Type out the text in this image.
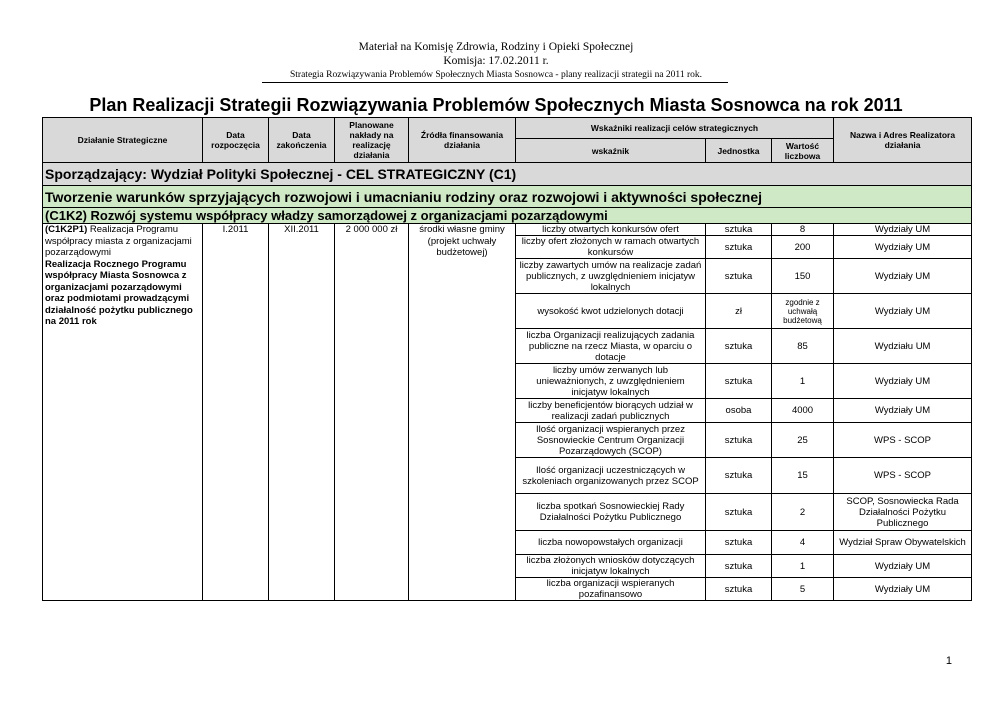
Materiał na Komisję Zdrowia, Rodziny i Opieki Społecznej
Komisja: 17.02.2011 r.
Strategia Rozwiązywania Problemów Społecznych Miasta Sosnowca - plany realizacji strategii na 2011 rok.
Plan Realizacji Strategii Rozwiązywania Problemów Społecznych Miasta Sosnowca na rok 2011
Działanie Strategiczne	Data rozpoczęcia	Data zakończenia	Planowane nakłady na realizację działania	Źródła finansowania działania	Wskaźniki realizacji celów strategicznych			Nazwa i Adres Realizatora działania
					wskaźnik	Jednostka	Wartość liczbowa	
Sporządzający: Wydział Polityki Społecznej - CEL STRATEGICZNY (C1)								
Tworzenie warunków sprzyjających rozwojowi i umacnianiu rodziny oraz rozwojowi i aktywności społecznej								
(C1K2) Rozwój systemu współpracy władzy samorządowej z organizacjami pozarządowymi								
(C1K2P1) Realizacja Programu współpracy miasta z organizacjami pozarządowymi
Realizacja Rocznego Programu współpracy Miasta Sosnowca z organizacjami pozarządowymi oraz podmiotami prowadzącymi działalność pożytku publicznego na 2011 rok	I.2011	XII.2011	2 000 000 zł	środki własne gminy (projekt uchwały budżetowej)	liczby otwartych konkursów ofert	sztuka	8	Wydziały UM
					liczby ofert złożonych w ramach otwartych konkursów	sztuka	200	Wydziały UM
					liczby zawartych umów na realizacje zadań publicznych, z uwzględnieniem inicjatyw lokalnych	sztuka	150	Wydziały UM
					wysokość kwot udzielonych dotacji	zł	zgodnie z uchwałą budżetową	Wydziały UM
					liczba Organizacji realizujących zadania publiczne na rzecz Miasta, w oparciu o dotacje	sztuka	85	Wydziału UM
					liczby umów zerwanych lub unieważnionych, z uwzględnieniem inicjatyw lokalnych	sztuka	1	Wydziały UM
					liczby beneficjentów biorących udział w realizacji zadań publicznych	osoba	4000	Wydziały UM
					Ilość organizacji wspieranych przez Sosnowieckie Centrum Organizacji Pozarządowych (SCOP)	sztuka	25	WPS - SCOP
					Ilość organizacji uczestniczących w szkoleniach organizowanych przez SCOP	sztuka	15	WPS - SCOP
					liczba spotkań Sosnowieckiej Rady Działalności Pożytku Publicznego	sztuka	2	SCOP, Sosnowiecka Rada Działalności Pożytku Publicznego
					liczba nowopowstałych organizacji	sztuka	4	Wydział Spraw Obywatelskich
					liczba złożonych wniosków dotyczących inicjatyw lokalnych	sztuka	1	Wydziały UM
					liczba organizacji wspieranych pozafinansowo	sztuka	5	Wydziały UM
1
